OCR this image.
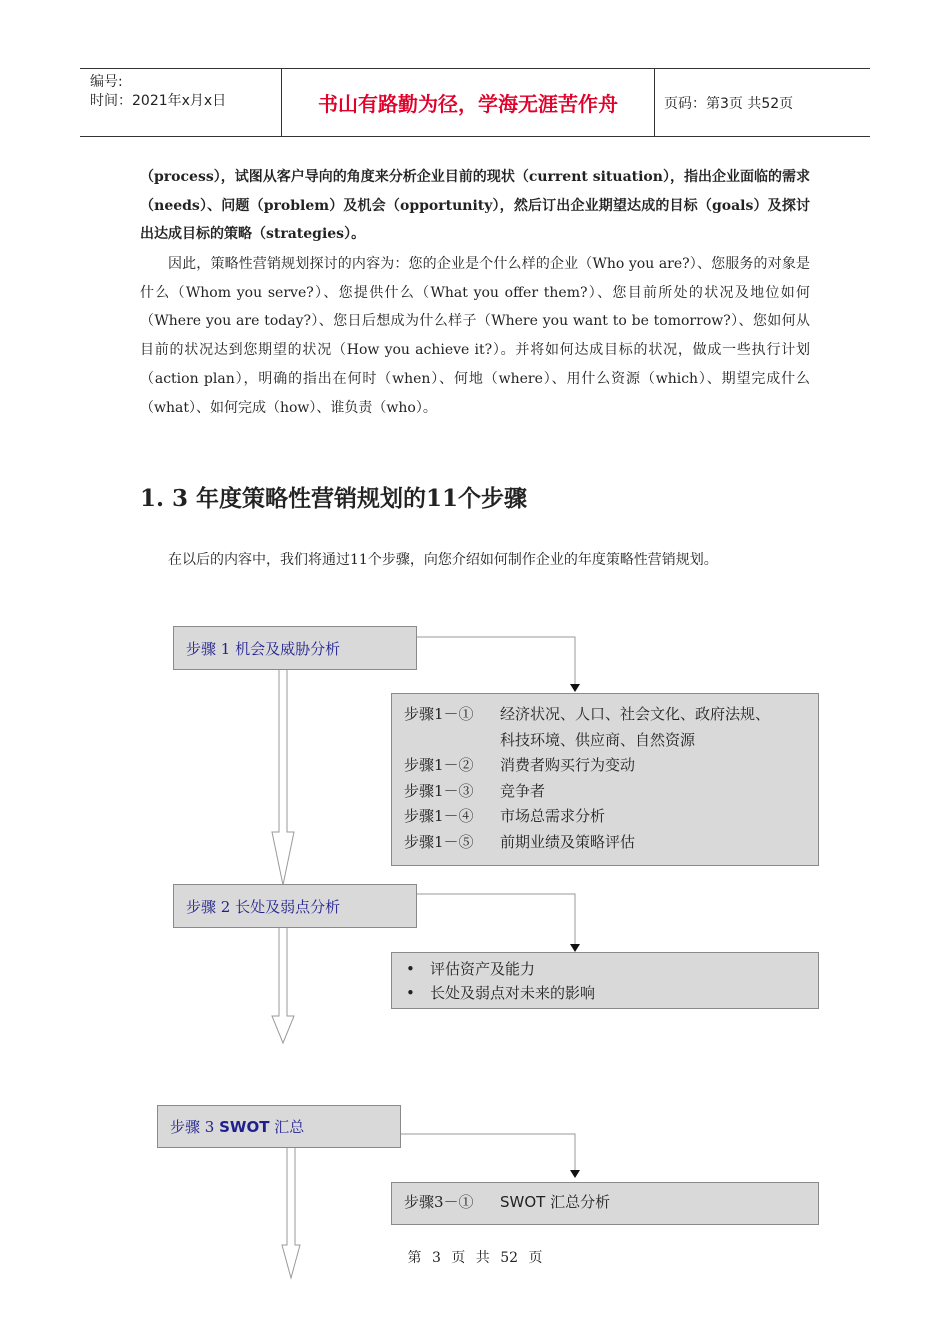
编号:
时间：2021年x月x日	书山有路勤为径，学海无涯苦作舟	页码：第3页 共52页

（process），试图从客户导向的角度来分析企业目前的现状（current situation），指出企业面临的需求（needs）、问题（problem）及机会（opportunity），然后订出企业期望达成的目标（goals）及探讨出达成目标的策略（strategies）。

因此，策略性营销规划探讨的内容为：您的企业是个什么样的企业（Who you are?）、您服务的对象是什么（Whom you serve?）、您提供什么（What you offer them?）、您目前所处的状况及地位如何（Where you are today?）、您日后想成为什么样子（Where you want to be tomorrow?）、您如何从目前的状况达到您期望的状况（How you achieve it?）。并将如何达成目标的状况，做成一些执行计划（action plan），明确的指出在何时（when）、何地（where）、用什么资源（which）、期望完成什么（what）、如何完成（how）、谁负责（who）。

1. 3 年度策略性营销规划的11个步骤

在以后的内容中，我们将通过11个步骤，向您介绍如何制作企业的年度策略性营销规划。

步骤 1 机会及威胁分析
步骤1－①	经济状况、人口、社会文化、政府法规、
科技环境、供应商、自然资源
步骤1－②	消费者购买行为变动
步骤1－③	竞争者
步骤1－④	市场总需求分析
步骤1－⑤	前期业绩及策略评估
步骤 2 长处及弱点分析
•	评估资产及能力
•	长处及弱点对未来的影响
步骤 3 SWOT 汇总
步骤3－①	SWOT 汇总分析
第 3 页 共 52 页
